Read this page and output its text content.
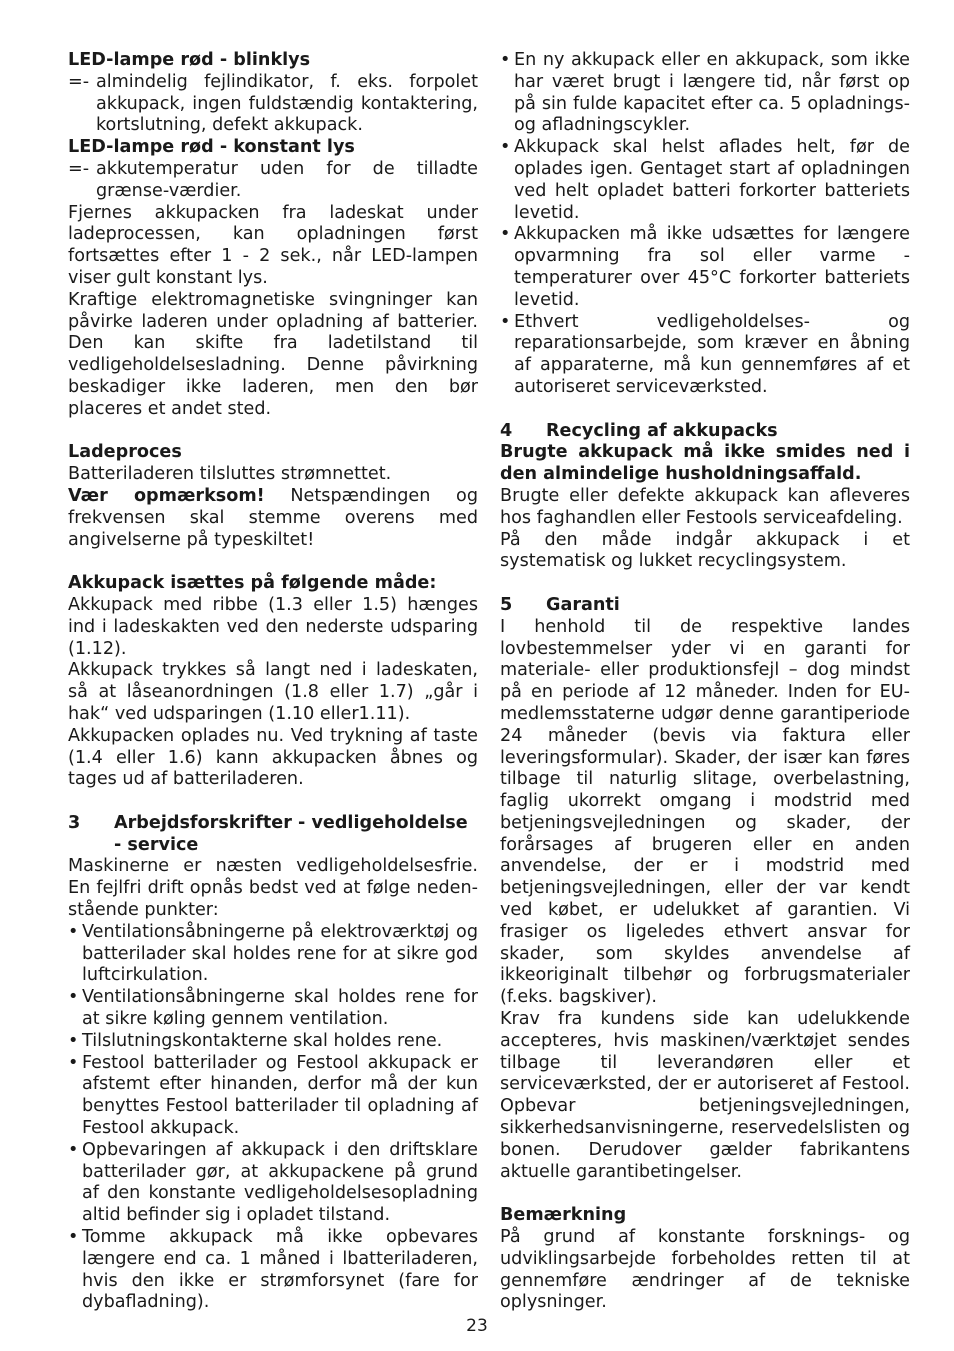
LED-lampe rød - blinklys

=- almindelig fejlindikator, f. eks. forpolet akkupack, ingen fuldstændig kontaktering, kortslutning, defekt akkupack.

LED-lampe rød - konstant lys

=- akkutemperatur uden for de tilladte grænse-værdier.

Fjernes akkupacken fra ladeskat under ladeprocessen, kan opladningen først fortsættes efter 1 - 2 sek., når LED-lampen viser gult konstant lys.

Kraftige elektromagnetiske svingninger kan påvirke laderen under opladning af batterier. Den kan skifte fra ladetilstand til vedligeholdelsesladning. Denne påvirkning beskadiger ikke laderen, men den bør placeres et andet sted.

Ladeproces

Batteriladeren tilsluttes strømnettet.

Vær opmærksom! Netspændingen og frekvensen skal stemme overens med angivelserne på typeskiltet!

Akkupack isættes på følgende måde:

Akkupack med ribbe (1.3 eller 1.5) hænges ind i ladeskakten ved den nederste udsparing (1.12).

Akkupack trykkes så langt ned i ladeskaten, så at låseanordningen (1.8 eller 1.7) „går i hak“ ved udsparingen (1.10 eller1.11).

Akkupacken oplades nu. Ved trykning af taste (1.4 eller 1.6) kann akkupacken åbnes og tages ud af batteriladeren.

3	Arbejdsforskrifter - vedligeholdelse - service

Maskinerne er næsten vedligeholdelsesfrie. En fejlfri drift opnås bedst ved at følge neden-stående punkter:

• Ventilationsåbningerne på elektroværktøj og batterilader skal holdes rene for at sikre god luftcirkulation.
• Ventilationsåbningerne skal holdes rene for at sikre køling gennem ventilation.
• Tilslutningskontakterne skal holdes rene.
• Festool batterilader og Festool akkupack er afstemt efter hinanden, derfor må der kun benyttes Festool batterilader til opladning af Festool akkupack.
• Opbevaringen af akkupack i den driftsklare batterilader gør, at akkupackene på grund af den konstante vedligeholdelsesopladning altid befinder sig i opladet tilstand.
• Tomme akkupack må ikke opbevares længere end ca. 1 måned i lbatteriladeren, hvis den ikke er strømforsynet (fare for dybafladning).
• En ny akkupack eller en akkupack, som ikke har været brugt i længere tid, når først op på sin fulde kapacitet efter ca. 5 opladnings- og afladningscykler.
• Akkupack skal helst aflades helt, før de oplades igen. Gentaget start af opladningen ved helt opladet batteri forkorter batteriets levetid.
• Akkupacken må ikke udsættes for længere opvarmning fra sol eller varme - temperaturer over 45°C forkorter batteriets levetid.
• Ethvert vedligeholdelses- og reparationsarbejde, som kræver en åbning af apparaterne, må kun gennemføres af et autoriseret serviceværksted.
4	Recycling af akkupacks

Brugte akkupack må ikke smides ned i den almindelige husholdningsaffald.

Brugte eller defekte akkupack kan afleveres hos faghandlen eller Festools serviceafdeling.

På den måde indgår akkupack i et systematisk og lukket recyclingsystem.

5	Garanti

I henhold til de respektive landes lovbestemmelser yder vi en garanti for materiale- eller produktionsfejl – dog mindst på en periode af 12 måneder. Inden for EU-medlemsstaterne udgør denne garantiperiode 24 måneder (bevis via faktura eller leveringsformular). Skader, der især kan føres tilbage til naturlig slitage, overbelastning, faglig ukorrekt omgang i modstrid med betjeningsvejledningen og skader, der forårsages af brugeren eller en anden anvendelse, der er i modstrid med betjeningsvejledningen, eller der var kendt ved købet, er udelukket af garantien. Vi frasiger os ligeledes ethvert ansvar for skader, som skyldes anvendelse af ikkeoriginalt tilbehør og forbrugsmaterialer (f.eks. bagskiver).

Krav fra kundens side kan udelukkende accepteres, hvis maskinen/værktøjet sendes tilbage til leverandøren eller et serviceværksted, der er autoriseret af Festool. Opbevar betjeningsvejledningen, sikkerhedsanvisningerne, reservedelslisten og bonen. Derudover gælder fabrikantens aktuelle garantibetingelser.

Bemærkning

På grund af konstante forsknings- og udviklingsarbejde forbeholdes retten til at gennemføre ændringer af de tekniske oplysninger.

23
